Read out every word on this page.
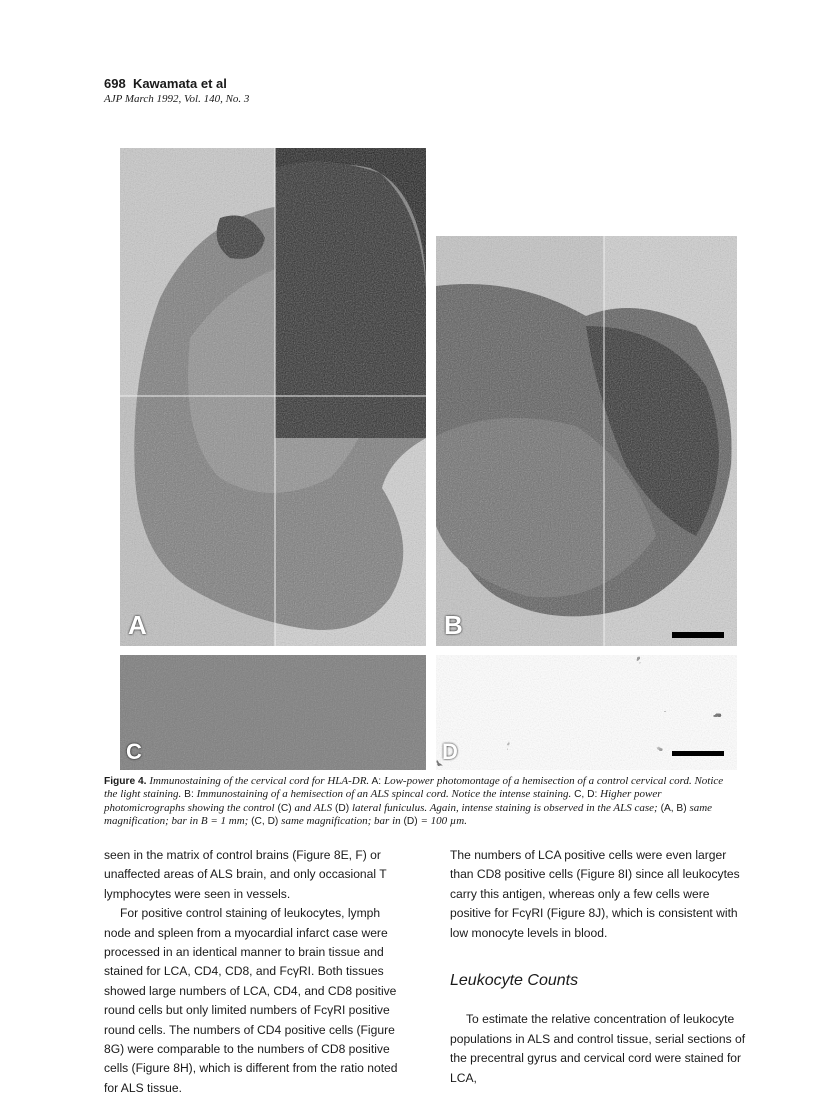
698 Kawamata et al
AJP March 1992, Vol. 140, No. 3
A	B
C	D
Figure 4. Immunostaining of the cervical cord for HLA-DR. A: Low-power photomontage of a hemisection of a control cervical cord. Notice the light staining. B: Immunostaining of a hemisection of an ALS spincal cord. Notice the intense staining. C, D: Higher power photomicrographs showing the control (C) and ALS (D) lateral funiculus. Again, intense staining is observed in the ALS case; (A, B) same magnification; bar in B = 1 mm; (C, D) same magnification; bar in (D) = 100 µm.

seen in the matrix of control brains (Figure 8E, F) or unaffected areas of ALS brain, and only occasional T lymphocytes were seen in vessels.

For positive control staining of leukocytes, lymph node and spleen from a myocardial infarct case were processed in an identical manner to brain tissue and stained for LCA, CD4, CD8, and FcγRI. Both tissues showed large numbers of LCA, CD4, and CD8 positive round cells but only limited numbers of FcγRI positive round cells. The numbers of CD4 positive cells (Figure 8G) were comparable to the numbers of CD8 positive cells (Figure 8H), which is different from the ratio noted for ALS tissue.

The numbers of LCA positive cells were even larger than CD8 positive cells (Figure 8I) since all leukocytes carry this antigen, whereas only a few cells were positive for FcγRI (Figure 8J), which is consistent with low monocyte levels in blood.

Leukocyte Counts

To estimate the relative concentration of leukocyte populations in ALS and control tissue, serial sections of the precentral gyrus and cervical cord were stained for LCA,
